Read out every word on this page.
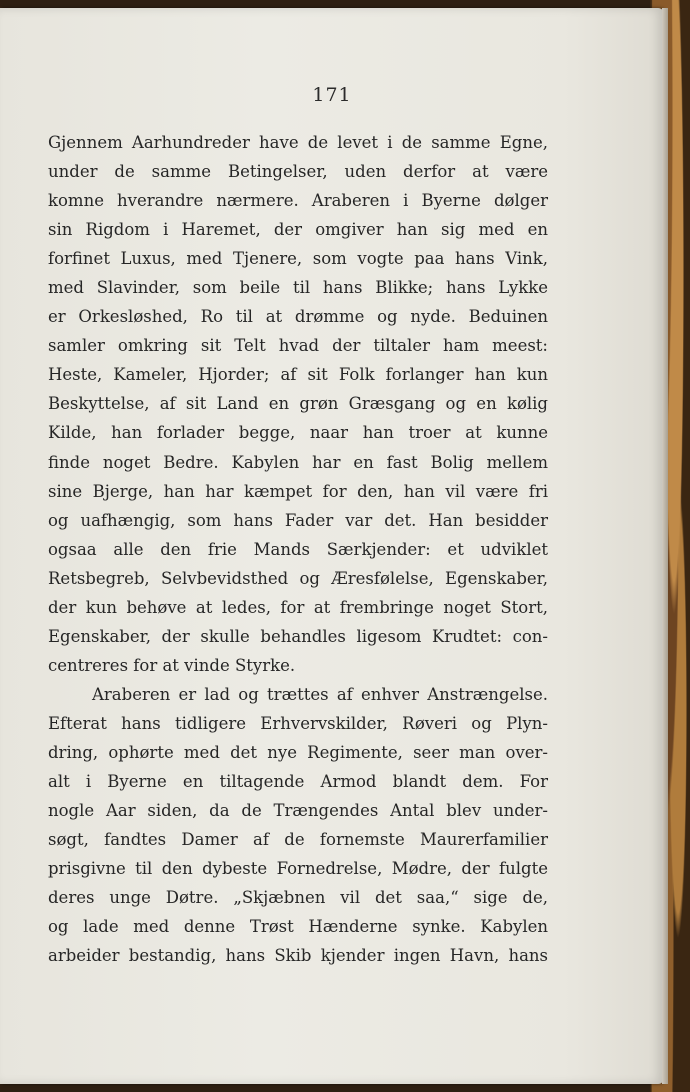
171
Gjennem Aarhundreder have de levet i de samme Egne,
under de samme Betingelser, uden derfor at være
komne hverandre nærmere. Araberen i Byerne dølger
sin Rigdom i Haremet, der omgiver han sig med en
forfinet Luxus, med Tjenere, som vogte paa hans Vink,
med Slavinder, som beile til hans Blikke; hans Lykke
er Orkesløshed, Ro til at drømme og nyde. Beduinen
samler omkring sit Telt hvad der tiltaler ham meest:
Heste, Kameler, Hjorder; af sit Folk forlanger han kun
Beskyttelse, af sit Land en grøn Græsgang og en kølig
Kilde, han forlader begge, naar han troer at kunne
finde noget Bedre. Kabylen har en fast Bolig mellem
sine Bjerge, han har kæmpet for den, han vil være fri
og uafhængig, som hans Fader var det. Han besidder
ogsaa alle den frie Mands Særkjender: et udviklet
Retsbegreb, Selvbevidsthed og Æresfølelse, Egenskaber,
der kun behøve at ledes, for at frembringe noget Stort,
Egenskaber, der skulle behandles ligesom Krudtet: con-
centreres for at vinde Styrke.
Araberen er lad og trættes af enhver Anstrængelse.
Efterat hans tidligere Erhvervskilder, Røveri og Plyn-
dring, ophørte med det nye Regimente, seer man over-
alt i Byerne en tiltagende Armod blandt dem. For
nogle Aar siden, da de Trængendes Antal blev under-
søgt, fandtes Damer af de fornemste Maurerfamilier
prisgivne til den dybeste Fornedrelse, Mødre, der fulgte
deres unge Døtre. „Skjæbnen vil det saa,“ sige de,
og lade med denne Trøst Hænderne synke. Kabylen
arbeider bestandig, hans Skib kjender ingen Havn, hans
